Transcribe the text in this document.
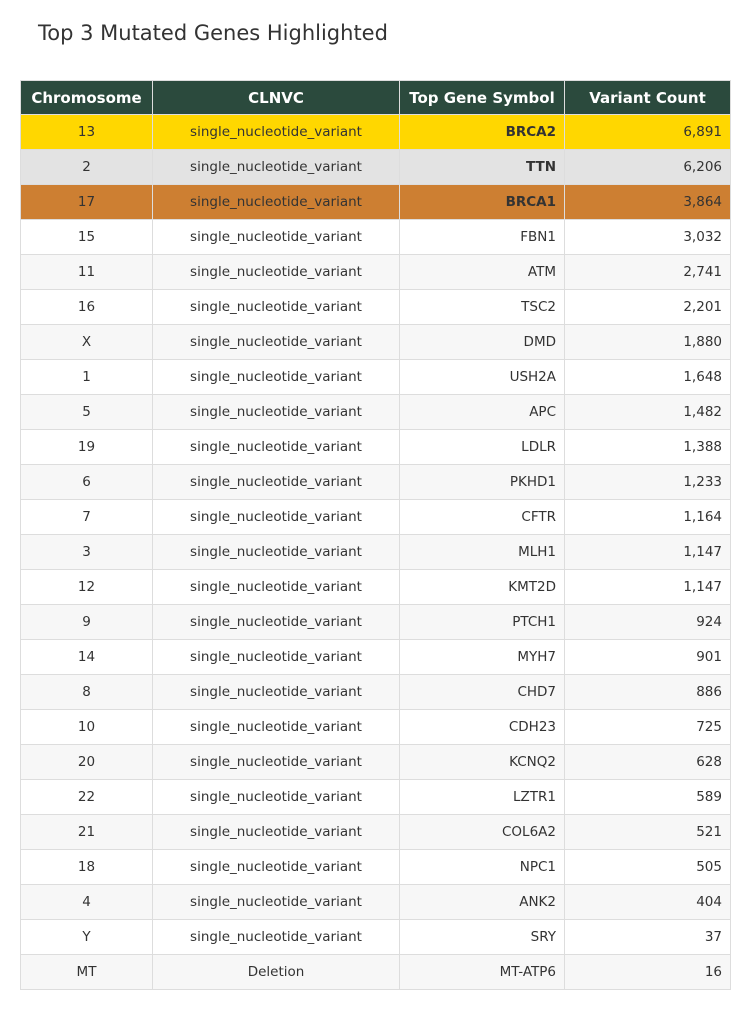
Top 3 Mutated Genes Highlighted
Chromosome	CLNVC	Top Gene Symbol	Variant Count
13	single_nucleotide_variant	BRCA2	6,891
2	single_nucleotide_variant	TTN	6,206
17	single_nucleotide_variant	BRCA1	3,864
15	single_nucleotide_variant	FBN1	3,032
11	single_nucleotide_variant	ATM	2,741
16	single_nucleotide_variant	TSC2	2,201
X	single_nucleotide_variant	DMD	1,880
1	single_nucleotide_variant	USH2A	1,648
5	single_nucleotide_variant	APC	1,482
19	single_nucleotide_variant	LDLR	1,388
6	single_nucleotide_variant	PKHD1	1,233
7	single_nucleotide_variant	CFTR	1,164
3	single_nucleotide_variant	MLH1	1,147
12	single_nucleotide_variant	KMT2D	1,147
9	single_nucleotide_variant	PTCH1	924
14	single_nucleotide_variant	MYH7	901
8	single_nucleotide_variant	CHD7	886
10	single_nucleotide_variant	CDH23	725
20	single_nucleotide_variant	KCNQ2	628
22	single_nucleotide_variant	LZTR1	589
21	single_nucleotide_variant	COL6A2	521
18	single_nucleotide_variant	NPC1	505
4	single_nucleotide_variant	ANK2	404
Y	single_nucleotide_variant	SRY	37
MT	Deletion	MT-ATP6	16
